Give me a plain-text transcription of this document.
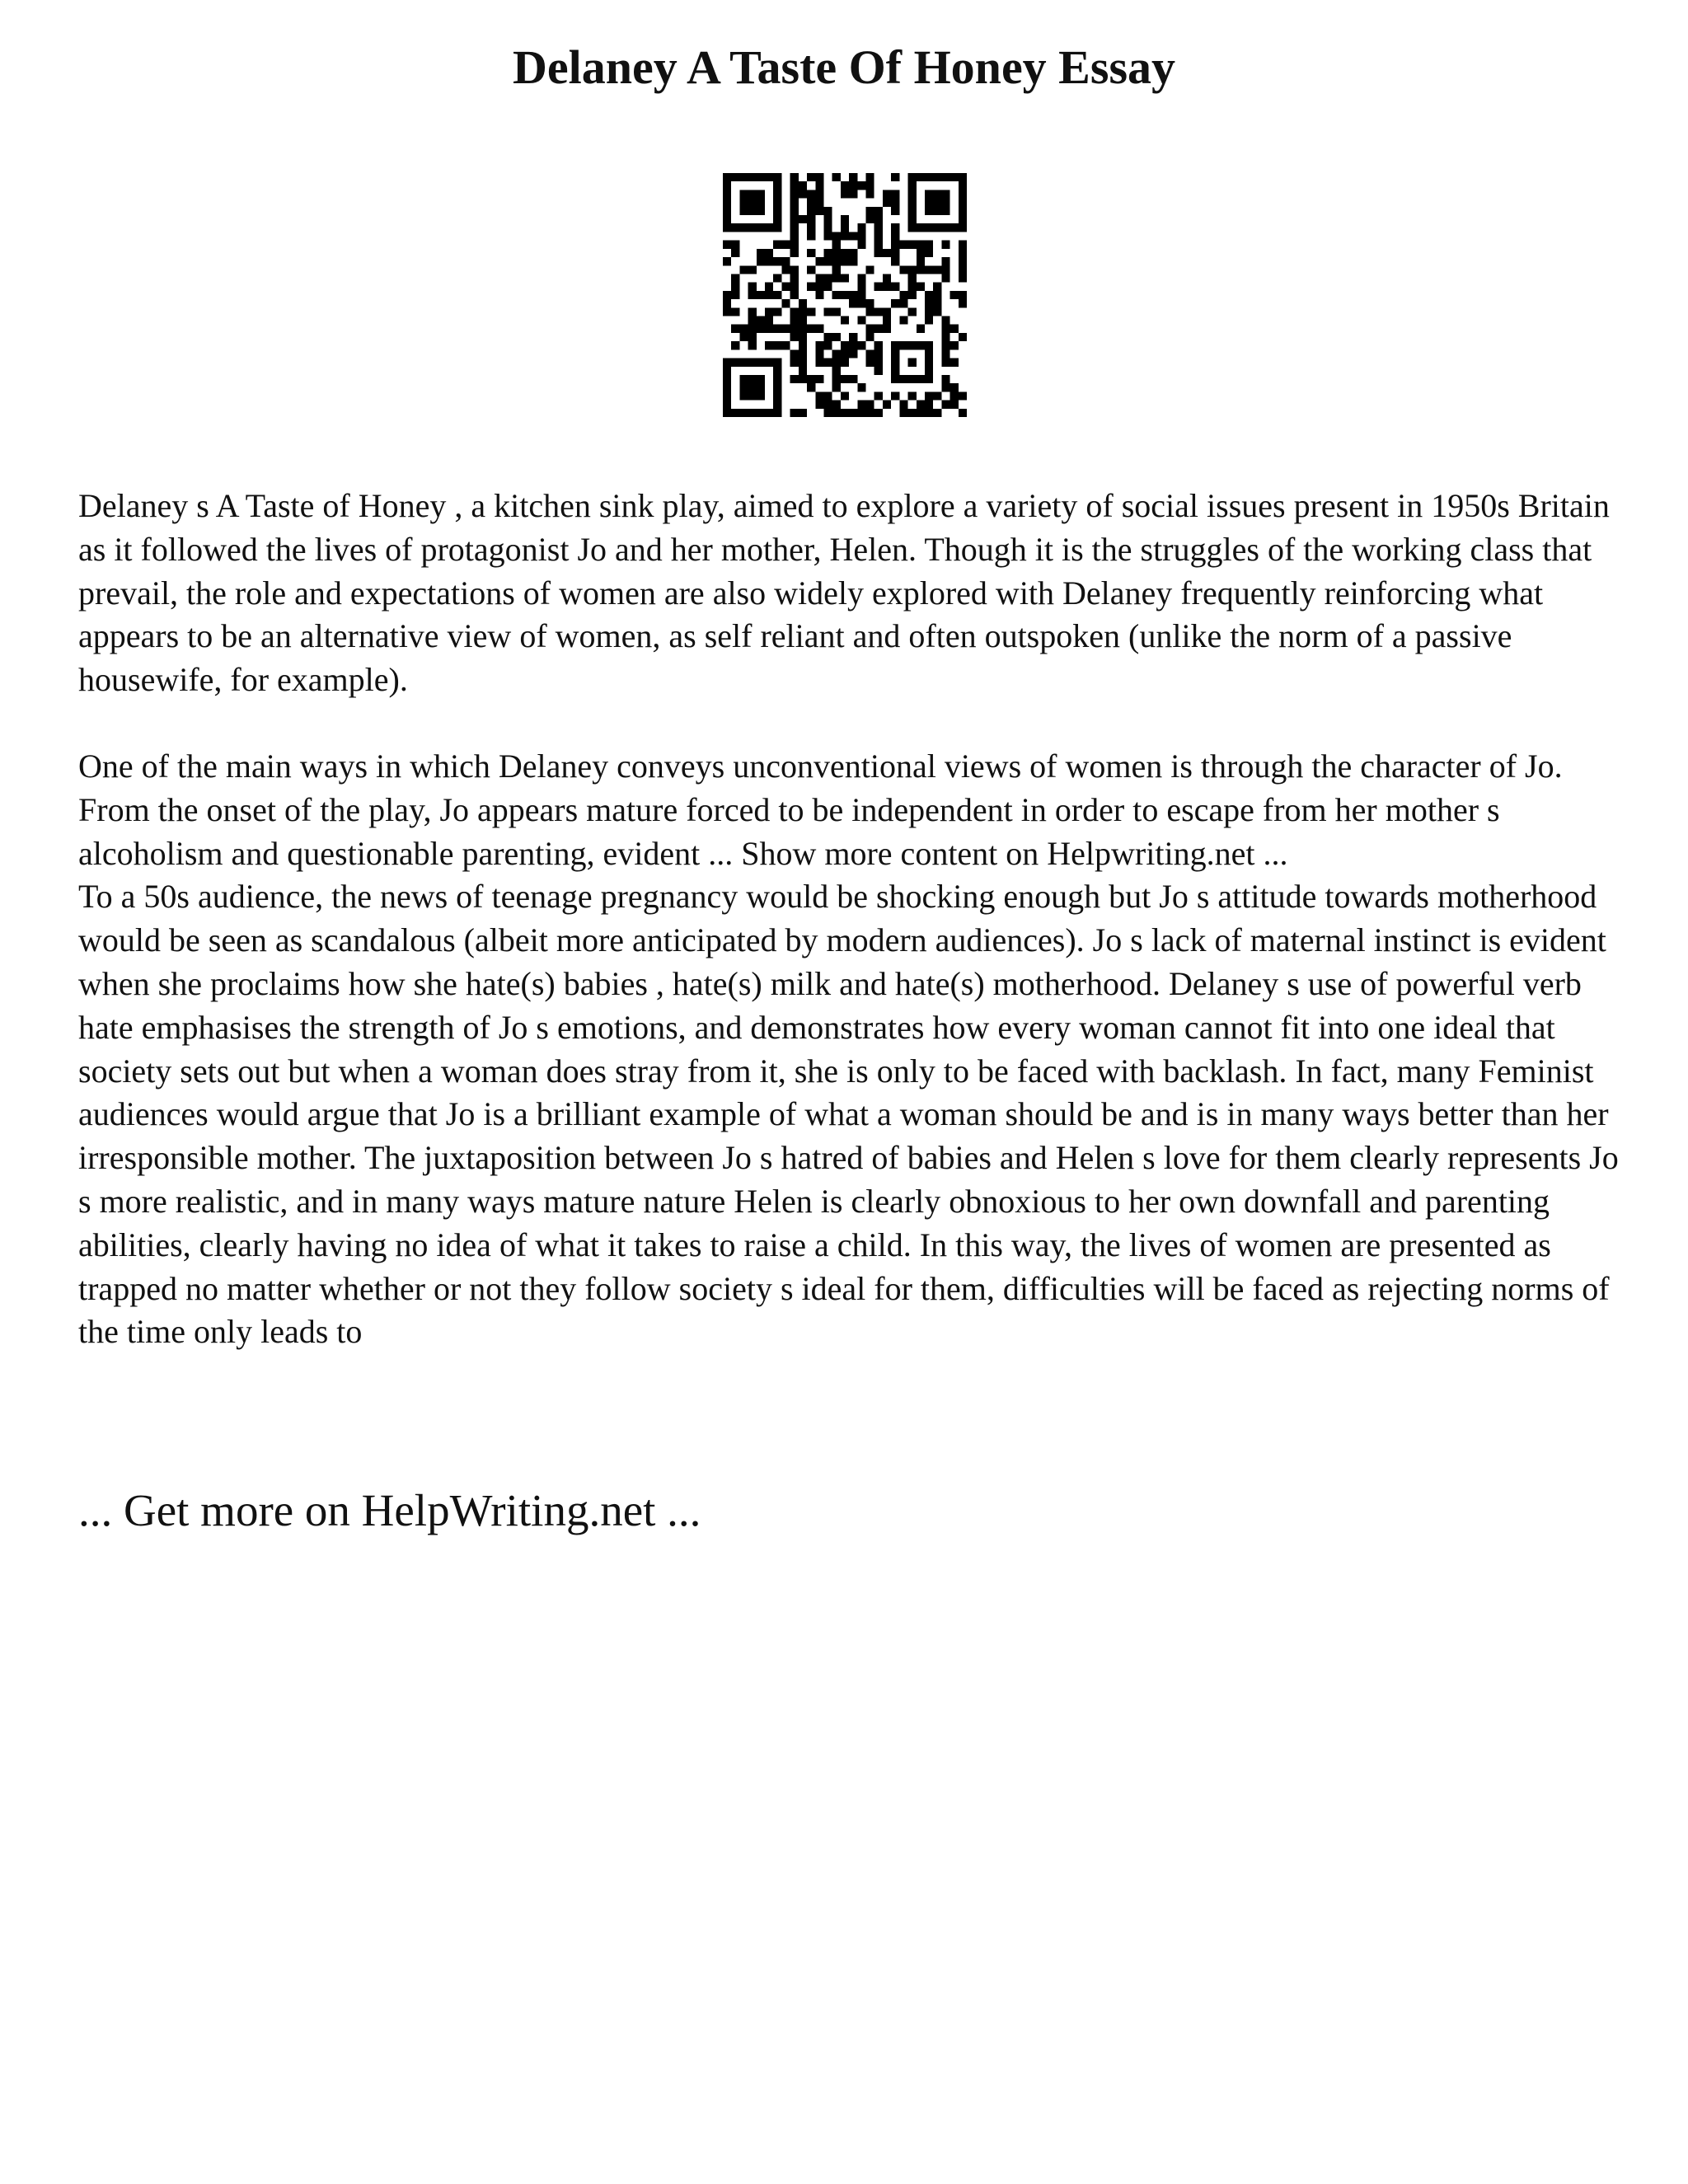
Delaney A Taste Of Honey Essay

Delaney s A Taste of Honey , a kitchen sink play, aimed to explore a variety of social issues present in 1950s Britain as it followed the lives of protagonist Jo and her mother, Helen. Though it is the struggles of the working class that prevail, the role and expectations of women are also widely explored with Delaney frequently reinforcing what appears to be an alternative view of women, as self reliant and often outspoken (unlike the norm of a passive housewife, for example).

One of the main ways in which Delaney conveys unconventional views of women is through the character of Jo. From the onset of the play, Jo appears mature forced to be independent in order to escape from her mother s alcoholism and questionable parenting, evident ... Show more content on Helpwriting.net ...

To a 50s audience, the news of teenage pregnancy would be shocking enough but Jo s attitude towards motherhood would be seen as scandalous (albeit more anticipated by modern audiences). Jo s lack of maternal instinct is evident when she proclaims how she hate(s) babies , hate(s) milk and hate(s) motherhood. Delaney s use of powerful verb hate emphasises the strength of Jo s emotions, and demonstrates how every woman cannot fit into one ideal that society sets out but when a woman does stray from it, she is only to be faced with backlash. In fact, many Feminist audiences would argue that Jo is a brilliant example of what a woman should be and is in many ways better than her irresponsible mother. The juxtaposition between Jo s hatred of babies and Helen s love for them clearly represents Jo s more realistic, and in many ways mature nature Helen is clearly obnoxious to her own downfall and parenting abilities, clearly having no idea of what it takes to raise a child. In this way, the lives of women are presented as trapped no matter whether or not they follow society s ideal for them, difficulties will be faced as rejecting norms of the time only leads to

... Get more on HelpWriting.net ...
